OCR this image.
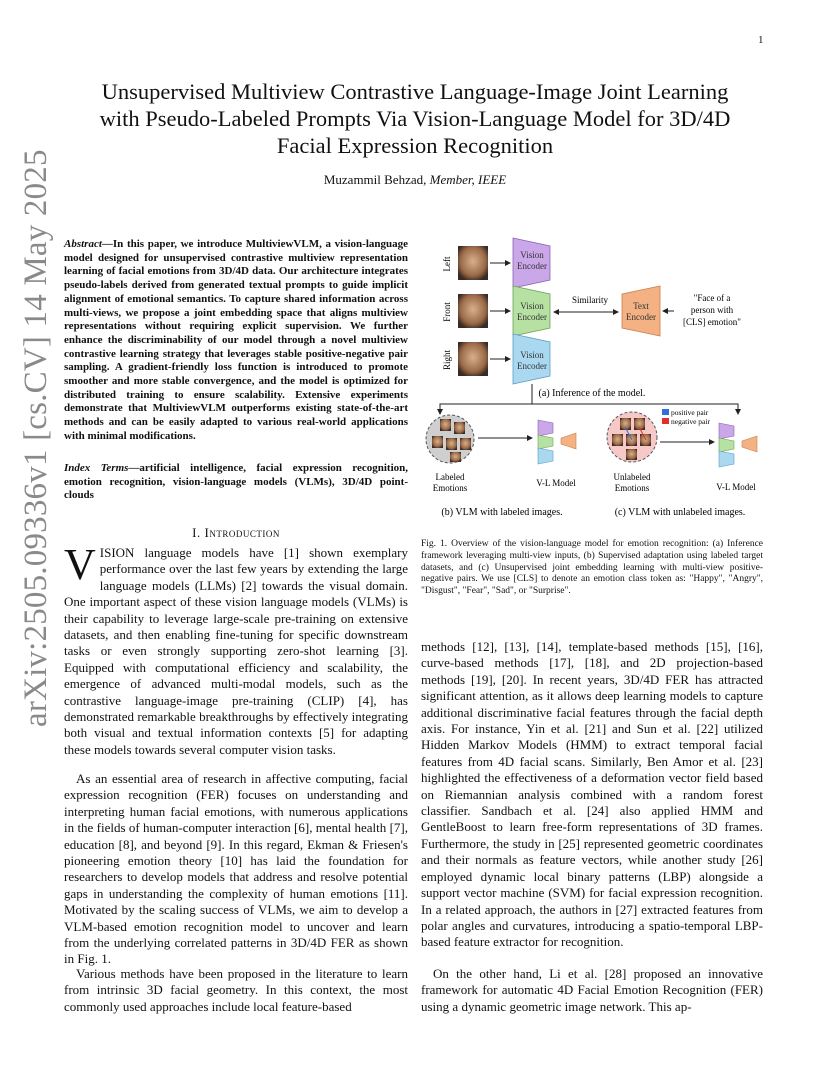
1
arXiv:2505.09336v1 [cs.CV] 14 May 2025
Unsupervised Multiview Contrastive Language-Image Joint Learning with Pseudo-Labeled Prompts Via Vision-Language Model for 3D/4D Facial Expression Recognition
Muzammil Behzad, Member, IEEE
Abstract—In this paper, we introduce MultiviewVLM, a vision-language model designed for unsupervised contrastive multiview representation learning of facial emotions from 3D/4D data. Our architecture integrates pseudo-labels derived from generated textual prompts to guide implicit alignment of emotional semantics. To capture shared information across multi-views, we propose a joint embedding space that aligns multiview representations without requiring explicit supervision. We further enhance the discriminability of our model through a novel multiview contrastive learning strategy that leverages stable positive-negative pair sampling. A gradient-friendly loss function is introduced to promote smoother and more stable convergence, and the model is optimized for distributed training to ensure scalability. Extensive experiments demonstrate that MultiviewVLM outperforms existing state-of-the-art methods and can be easily adapted to various real-world applications with minimal modifications.
Index Terms—artificial intelligence, facial expression recognition, emotion recognition, vision-language models (VLMs), 3D/4D point-clouds
I. Introduction
VISION language models have [1] shown exemplary performance over the last few years by extending the large language models (LLMs) [2] towards the visual domain. One important aspect of these vision language models (VLMs) is their capability to leverage large-scale pre-training on extensive datasets, and then enabling fine-tuning for specific downstream tasks or even strongly supporting zero-shot learning [3]. Equipped with computational efficiency and scalability, the emergence of advanced multi-modal models, such as the contrastive language-image pre-training (CLIP) [4], has demonstrated remarkable breakthroughs by effectively integrating both visual and textual information contexts [5] for adapting these models towards several computer vision tasks.
As an essential area of research in affective computing, facial expression recognition (FER) focuses on understanding and interpreting human facial emotions, with numerous applications in the fields of human-computer interaction [6], mental health [7], education [8], and beyond [9]. In this regard, Ekman & Friesen's pioneering emotion theory [10] has laid the foundation for researchers to develop models that address and resolve potential gaps in understanding the complexity of human emotions [11]. Motivated by the scaling success of VLMs, we aim to develop a VLM-based emotion recognition model to uncover and learn from the underlying correlated patterns in 3D/4D FER as shown in Fig. 1.
Various methods have been proposed in the literature to learn from intrinsic 3D facial geometry. In this context, the most commonly used approaches include local feature-based
Left
Front
Right
Vision
Encoder
Vision
Encoder
Vision
Encoder
Similarity
Text
Encoder
"Face of a
person with
[CLS] emotion"
(a) Inference of the model.
Labeled
Emotions	V-L Model
(b) VLM with labeled images.
Unlabeled
Emotions
positive pair
negative pair
V-L Model
(c) VLM with unlabeled images.
Fig. 1. Overview of the vision-language model for emotion recognition: (a) Inference framework leveraging multi-view inputs, (b) Supervised adaptation using labeled target datasets, and (c) Unsupervised joint embedding learning with multi-view positive-negative pairs. We use [CLS] to denote an emotion class token as: "Happy", "Angry", "Disgust", "Fear", "Sad", or "Surprise".
methods [12], [13], [14], template-based methods [15], [16], curve-based methods [17], [18], and 2D projection-based methods [19], [20]. In recent years, 3D/4D FER has attracted significant attention, as it allows deep learning models to capture additional discriminative facial features through the facial depth axis. For instance, Yin et al. [21] and Sun et al. [22] utilized Hidden Markov Models (HMM) to extract temporal facial features from 4D facial scans. Similarly, Ben Amor et al. [23] highlighted the effectiveness of a deformation vector field based on Riemannian analysis combined with a random forest classifier. Sandbach et al. [24] also applied HMM and GentleBoost to learn free-form representations of 3D frames. Furthermore, the study in [25] represented geometric coordinates and their normals as feature vectors, while another study [26] employed dynamic local binary patterns (LBP) alongside a support vector machine (SVM) for facial expression recognition. In a related approach, the authors in [27] extracted features from polar angles and curvatures, introducing a spatio-temporal LBP-based feature extractor for recognition.
On the other hand, Li et al. [28] proposed an innovative framework for automatic 4D Facial Emotion Recognition (FER) using a dynamic geometric image network. This ap-
